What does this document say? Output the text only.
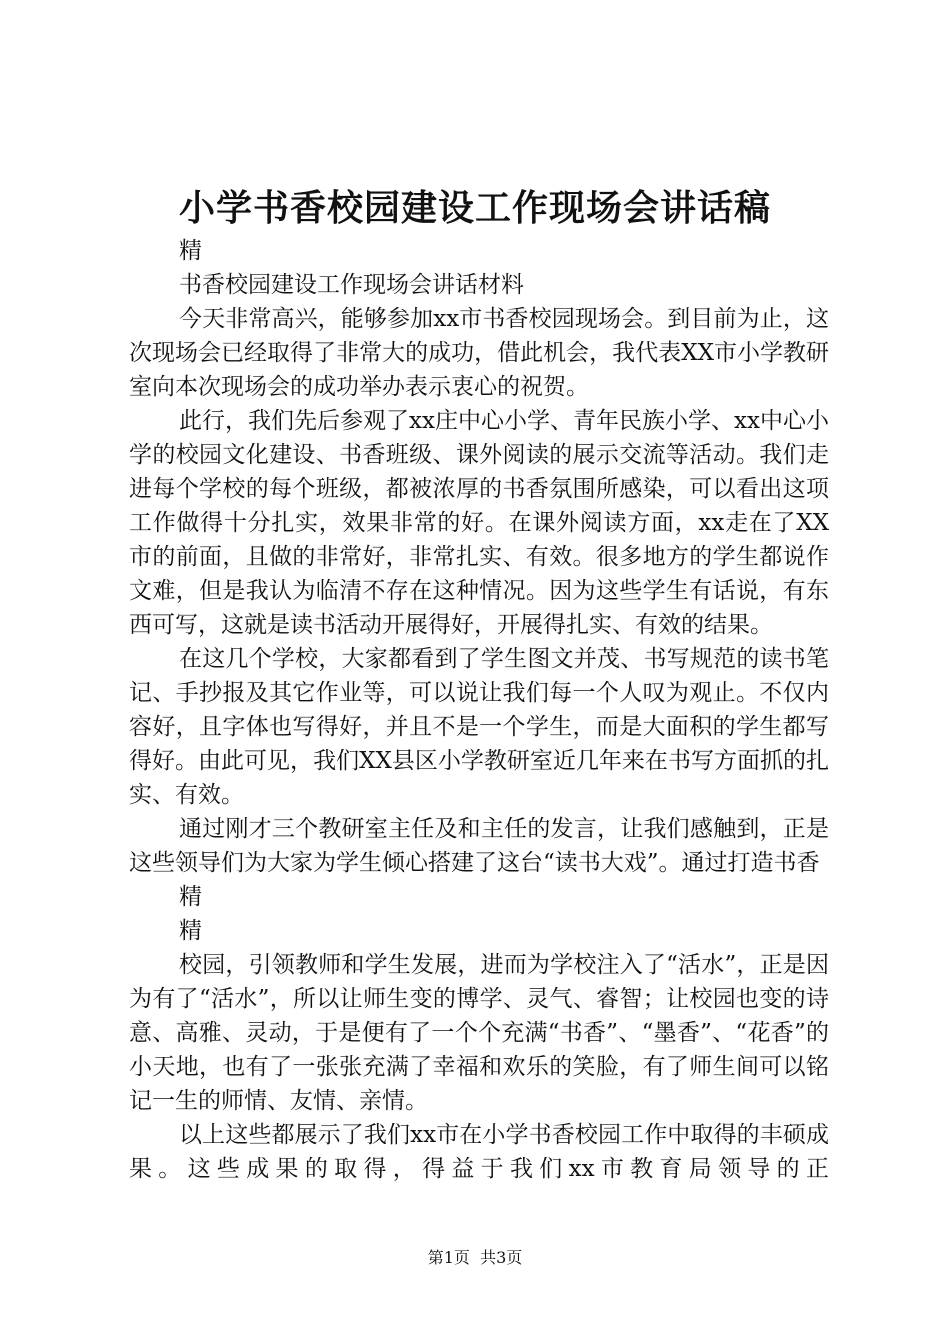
小学书香校园建设工作现场会讲话稿

精

书香校园建设工作现场会讲话材料

今天非常高兴，能够参加xx市书香校园现场会。到目前为止，这次现场会已经取得了非常大的成功，借此机会，我代表XX市小学教研室向本次现场会的成功举办表示衷心的祝贺。

此行，我们先后参观了xx庄中心小学、青年民族小学、xx中心小学的校园文化建设、书香班级、课外阅读的展示交流等活动。我们走进每个学校的每个班级，都被浓厚的书香氛围所感染，可以看出这项工作做得十分扎实，效果非常的好。在课外阅读方面，xx走在了XX市的前面，且做的非常好，非常扎实、有效。很多地方的学生都说作文难，但是我认为临清不存在这种情况。因为这些学生有话说，有东西可写，这就是读书活动开展得好，开展得扎实、有效的结果。

在这几个学校，大家都看到了学生图文并茂、书写规范的读书笔记、手抄报及其它作业等，可以说让我们每一个人叹为观止。不仅内容好，且字体也写得好，并且不是一个学生，而是大面积的学生都写得好。由此可见，我们XX县区小学教研室近几年来在书写方面抓的扎实、有效。

通过刚才三个教研室主任及和主任的发言，让我们感触到，正是这些领导们为大家为学生倾心搭建了这台“读书大戏”。通过打造书香

精

精

校园，引领教师和学生发展，进而为学校注入了“活水”，正是因为有了“活水”，所以让师生变的博学、灵气、睿智；让校园也变的诗意、高雅、灵动，于是便有了一个个充满“书香”、“墨香”、“花香”的小天地，也有了一张张充满了幸福和欢乐的笑脸，有了师生间可以铭记一生的师情、友情、亲情。

以上这些都展示了我们xx市在小学书香校园工作中取得的丰硕成果。这些成果的取得，得益于我们xx市教育局领导的正

第1页 共3页
